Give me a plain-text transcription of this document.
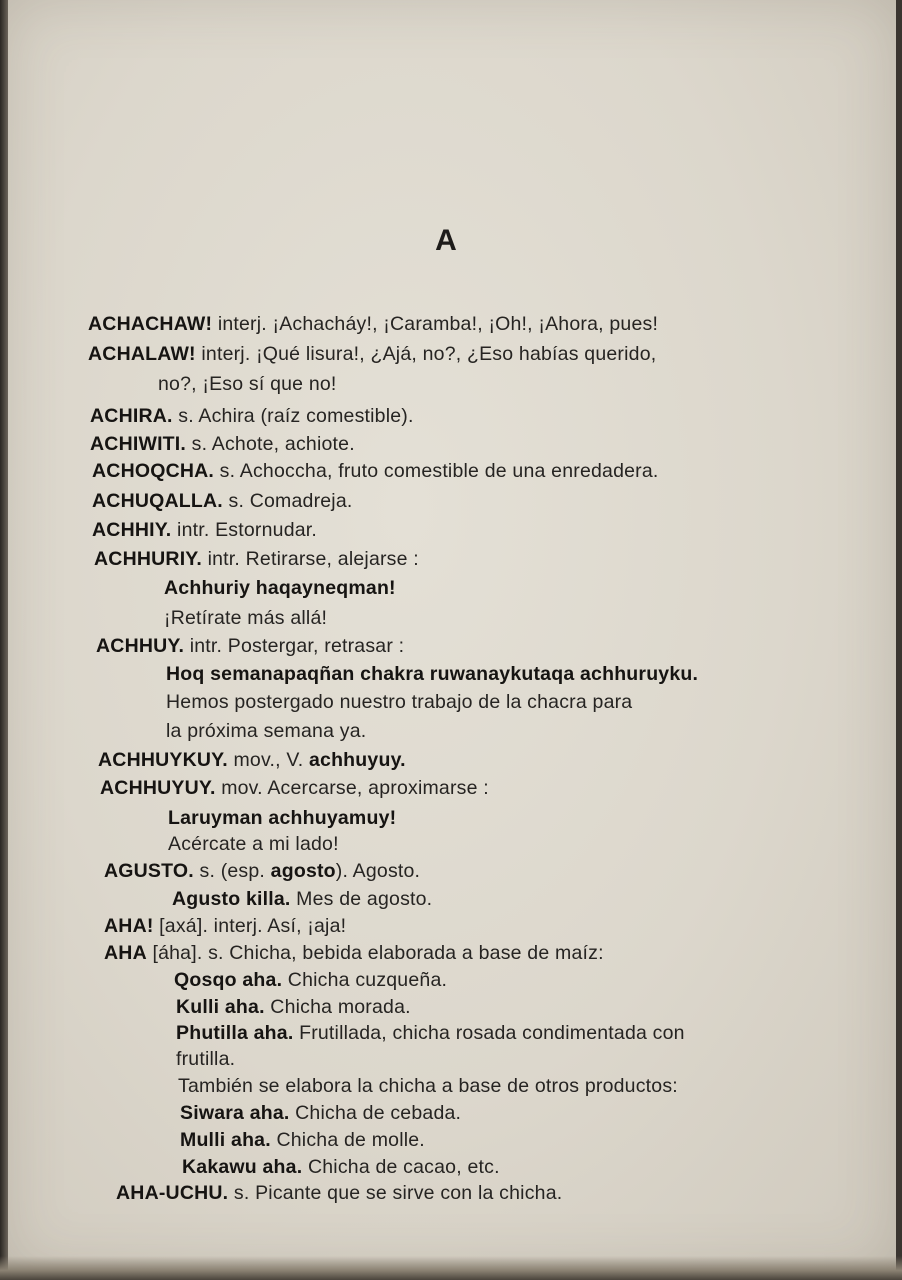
A
ACHACHAW! interj. ¡Achacháy!, ¡Caramba!, ¡Oh!, ¡Ahora, pues!
ACHALAW! interj. ¡Qué lisura!, ¿Ajá, no?, ¿Eso habías querido,
no?, ¡Eso sí que no!
ACHIRA. s. Achira (raíz comestible).
ACHIWITI. s. Achote, achiote.
ACHOQCHA. s. Achoccha, fruto comestible de una enredadera.
ACHUQALLA. s. Comadreja.
ACHHIY. intr. Estornudar.
ACHHURIY. intr. Retirarse, alejarse :
Achhuriy haqayneqman!
¡Retírate más allá!
ACHHUY. intr. Postergar, retrasar :
Hoq semanapaqñan chakra ruwanaykutaqa achhuruyku.
Hemos postergado nuestro trabajo de la chacra para
la próxima semana ya.
ACHHUYKUY. mov., V. achhuyuy.
ACHHUYUY. mov. Acercarse, aproximarse :
Laruyman achhuyamuy!
Acércate a mi lado!
AGUSTO. s. (esp. agosto). Agosto.
Agusto killa. Mes de agosto.
AHA! [axá]. interj. Así, ¡aja!
AHA [áha]. s. Chicha, bebida elaborada a base de maíz:
Qosqo aha. Chicha cuzqueña.
Kulli aha. Chicha morada.
Phutilla aha. Frutillada, chicha rosada condimentada con
frutilla.
También se elabora la chicha a base de otros productos:
Siwara aha. Chicha de cebada.
Mulli aha. Chicha de molle.
Kakawu aha. Chicha de cacao, etc.
AHA-UCHU. s. Picante que se sirve con la chicha.
